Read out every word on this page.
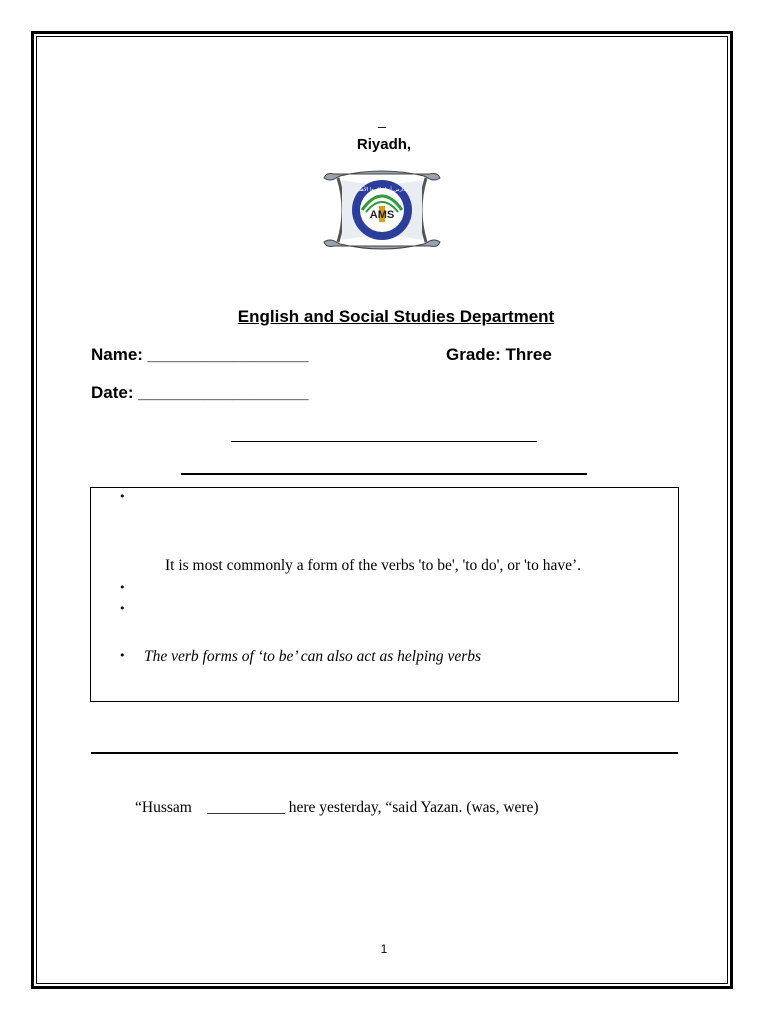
_
Riyadh,
AMS
مدارس أنوار الصفا الأهلية
English and Social Studies Department
Name: _________________	Grade: Three
Date: __________________
•
It is most commonly a form of the verbs 'to be', 'to do', or 'to have’.
•
•
• The verb forms of ‘to be’ can also act as helping verbs
“Hussam    __________ here yesterday, “said Yazan. (was, were)
1
